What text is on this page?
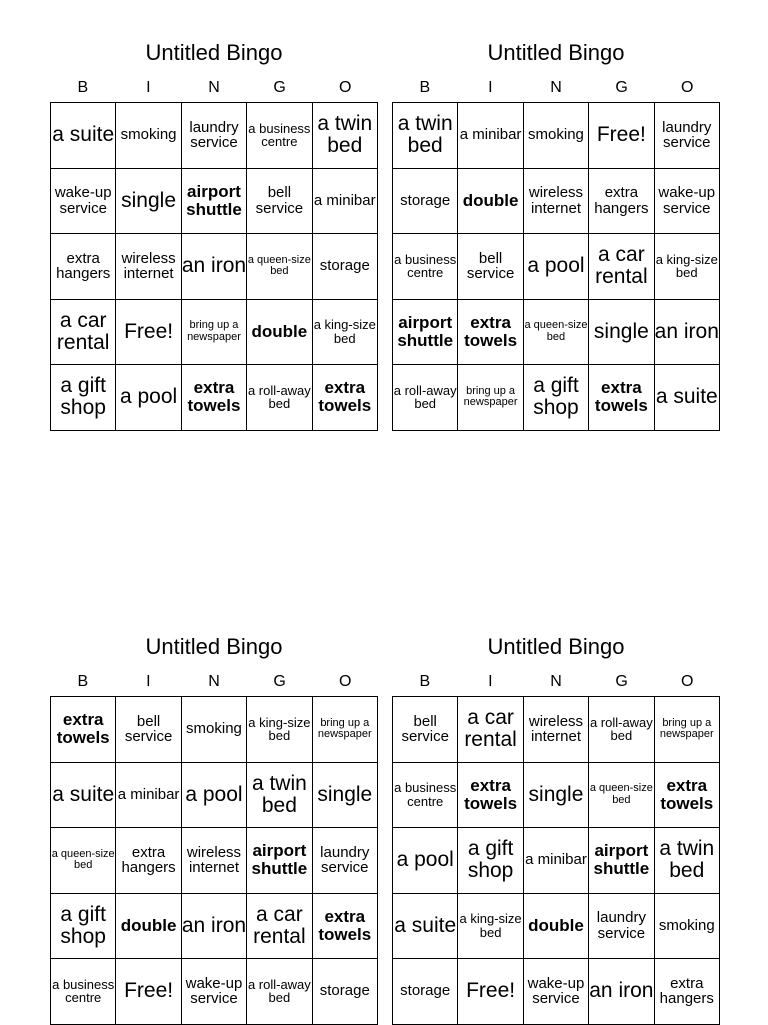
Untitled Bingo
B	I	N	G	O
a suite	smoking	laundry service	a business centre	a twin bed
wake-up service	single	airport shuttle	bell service	a minibar
extra hangers	wireless internet	an iron	a queen-size bed	storage
a car rental	Free!	bring up a newspaper	double	a king-size bed
a gift shop	a pool	extra towels	a roll-away bed	extra towels
Untitled Bingo
B	I	N	G	O
a twin bed	a minibar	smoking	Free!	laundry service
storage	double	wireless internet	extra hangers	wake-up service
a business centre	bell service	a pool	a car rental	a king-size bed
airport shuttle	extra towels	a queen-size bed	single	an iron
a roll-away bed	bring up a newspaper	a gift shop	extra towels	a suite
Untitled Bingo
B	I	N	G	O
extra towels	bell service	smoking	a king-size bed	bring up a newspaper
a suite	a minibar	a pool	a twin bed	single
a queen-size bed	extra hangers	wireless internet	airport shuttle	laundry service
a gift shop	double	an iron	a car rental	extra towels
a business centre	Free!	wake-up service	a roll-away bed	storage
Untitled Bingo
B	I	N	G	O
bell service	a car rental	wireless internet	a roll-away bed	bring up a newspaper
a business centre	extra towels	single	a queen-size bed	extra towels
a pool	a gift shop	a minibar	airport shuttle	a twin bed
a suite	a king-size bed	double	laundry service	smoking
storage	Free!	wake-up service	an iron	extra hangers
